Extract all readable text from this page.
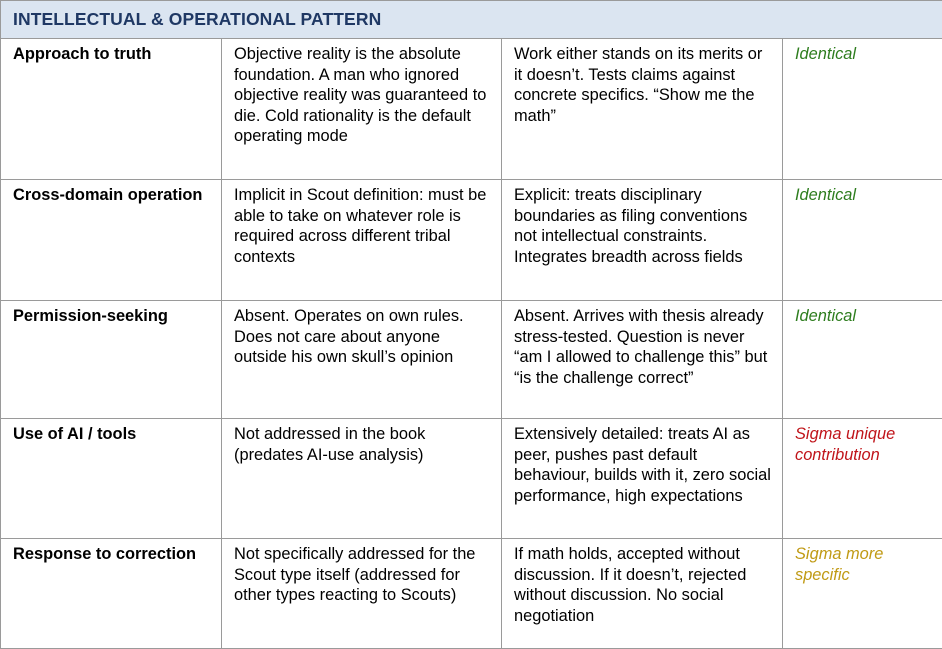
INTELLECTUAL & OPERATIONAL PATTERN			
Approach to truth	Objective reality is the absolute foundation. A man who ignored objective reality was guaranteed to die. Cold rationality is the default operating mode	Work either stands on its merits or it doesn’t. Tests claims against concrete specifics. “Show me the math”	Identical
Cross-domain operation	Implicit in Scout definition: must be able to take on whatever role is required across different tribal contexts	Explicit: treats disciplinary boundaries as filing conventions not intellectual constraints. Integrates breadth across fields	Identical
Permission-seeking	Absent. Operates on own rules. Does not care about anyone outside his own skull’s opinion	Absent. Arrives with thesis already stress-tested. Question is never “am I allowed to challenge this” but “is the challenge correct”	Identical
Use of AI / tools	Not addressed in the book (predates AI-use analysis)	Extensively detailed: treats AI as peer, pushes past default behaviour, builds with it, zero social performance, high expectations	Sigma unique contribution
Response to correction	Not specifically addressed for the Scout type itself (addressed for other types reacting to Scouts)	If math holds, accepted without discussion. If it doesn’t, rejected without discussion. No social negotiation	Sigma more specific
